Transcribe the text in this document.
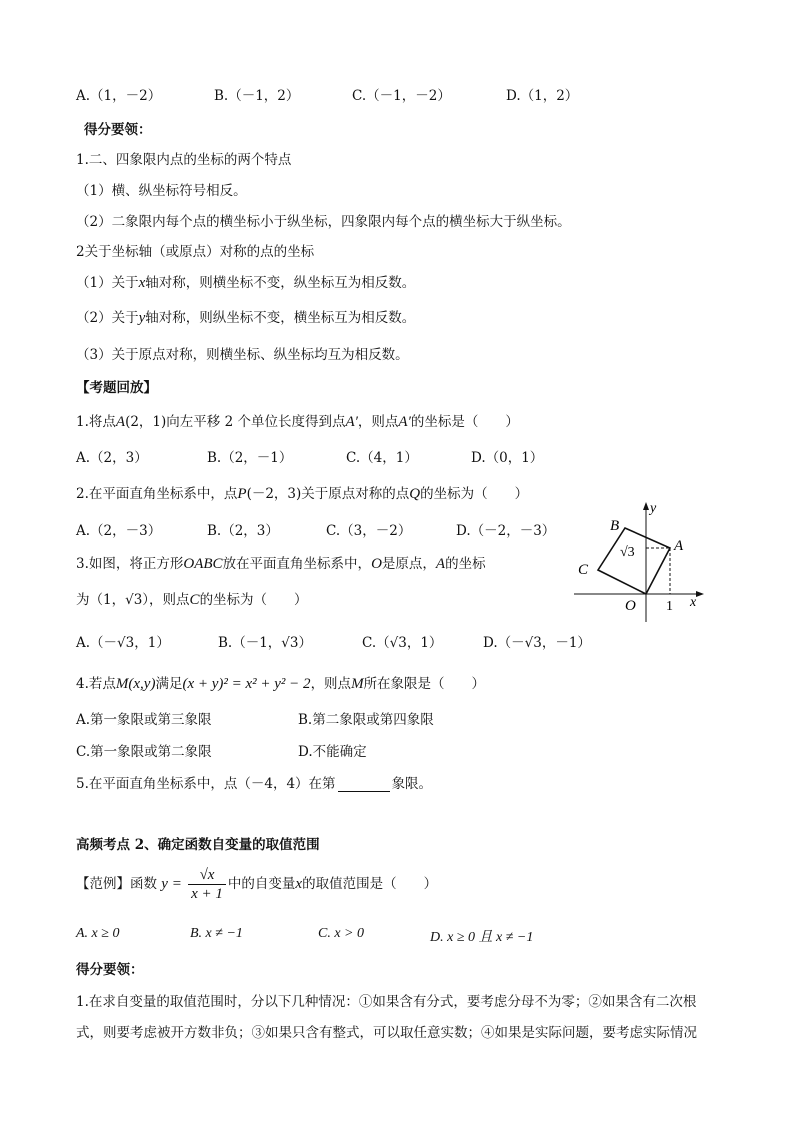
A.（1，－2）	B.（－1，2）	C.（－1，－2）	D.（1，2）
得分要领：
1.二、四象限内点的坐标的两个特点
（1）横、纵坐标符号相反。
（2）二象限内每个点的横坐标小于纵坐标，四象限内每个点的横坐标大于纵坐标。
2关于坐标轴（或原点）对称的点的坐标
（1）关于x轴对称，则横坐标不变，纵坐标互为相反数。
（2）关于y轴对称，则纵坐标不变，横坐标互为相反数。
（3）关于原点对称，则横坐标、纵坐标均互为相反数。
【考题回放】
1.将点A(2，1)向左平移 2 个单位长度得到点A′，则点A′的坐标是（　　）
A.（2，3）	B.（2，－1）	C.（4，1）	D.（0，1）
2.在平面直角坐标系中，点P(－2，3)关于原点对称的点Q的坐标为（　　）
A.（2，－3）	B.（2，3）	C.（3，－2）	D.（－2，－3）
3.如图，将正方形OABC放在平面直角坐标系中，O是原点，A的坐标
为（1，√3），则点C的坐标为（　　）
B
A
C
O 1 x
y
√3
A.（－√3，1）	B.（－1，√3）	C.（√3，1）	D.（－√3，－1）
4.若点M(x,y)满足(x + y)² = x² + y² − 2，则点M所在象限是（　　）
A.第一象限或第三象限	B.第二象限或第四象限
C.第一象限或第二象限	D.不能确定
5.在平面直角坐标系中，点（－4，4）在第	象限。
高频考点 2、确定函数自变量的取值范围
【范例】函数 $y = \frac{√x}{x + 1}$ 中的自变量x的取值范围是（　　）
A. x ≥ 0	B. x ≠ −1	C. x > 0	D. x ≥ 0 且 x ≠ −1
得分要领：
1.在求自变量的取值范围时，分以下几种情况：①如果含有分式，要考虑分母不为零；②如果含有二次根
式，则要考虑被开方数非负；③如果只含有整式，可以取任意实数；④如果是实际问题，要考虑实际情况
